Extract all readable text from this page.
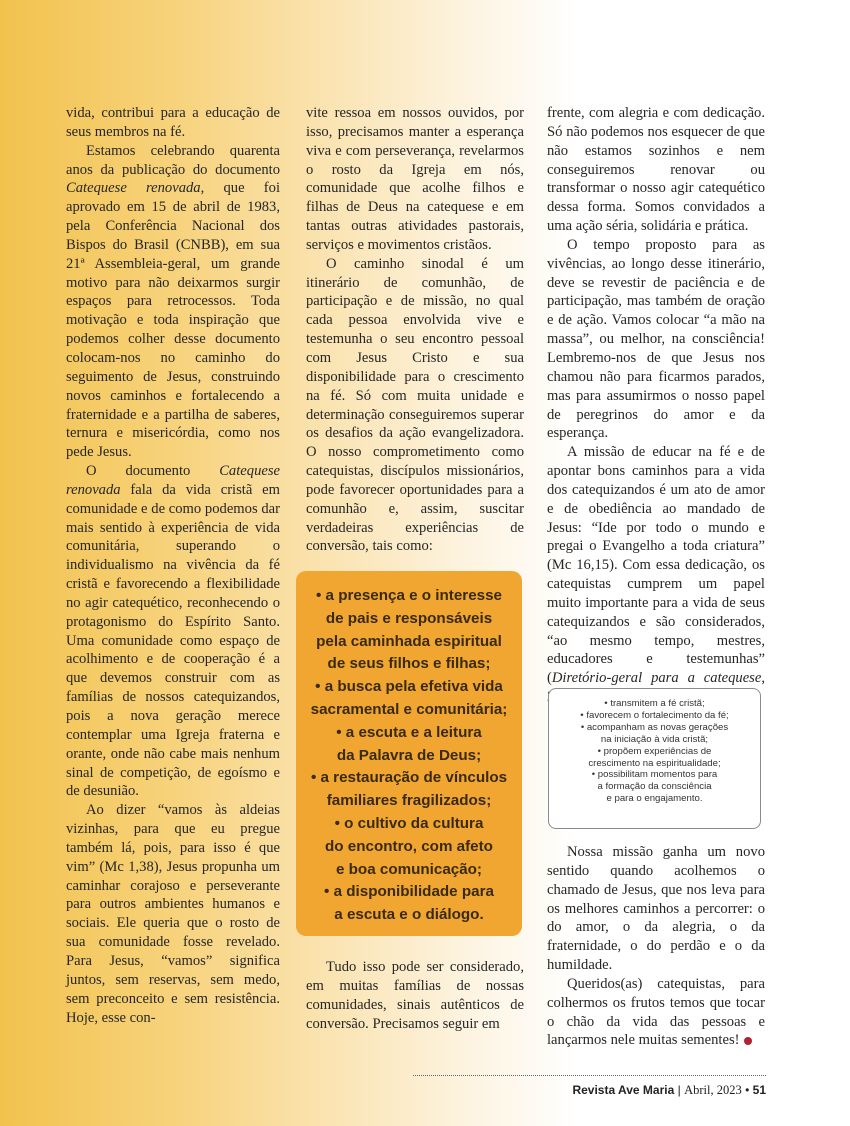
vida, contribui para a educação de seus membros na fé.

Estamos celebrando quarenta anos da publicação do documento Catequese renovada, que foi aprovado em 15 de abril de 1983, pela Conferência Nacional dos Bispos do Brasil (CNBB), em sua 21ª Assembleia-geral, um grande motivo para não deixarmos surgir espaços para retrocessos. Toda motivação e toda inspiração que podemos colher desse documento colocam-nos no caminho do seguimento de Jesus, construindo novos caminhos e fortalecendo a fraternidade e a partilha de saberes, ternura e misericórdia, como nos pede Jesus.

O documento Catequese renovada fala da vida cristã em comunidade e de como podemos dar mais sentido à experiência de vida comunitária, superando o individualismo na vivência da fé cristã e favorecendo a flexibilidade no agir catequético, reconhecendo o protagonismo do Espírito Santo. Uma comunidade como espaço de acolhimento e de cooperação é a que devemos construir com as famílias de nossos catequizandos, pois a nova geração merece contemplar uma Igreja fraterna e orante, onde não cabe mais nenhum sinal de competição, de egoísmo e de desunião.

Ao dizer “vamos às aldeias vizinhas, para que eu pregue também lá, pois, para isso é que vim” (Mc 1,38), Jesus propunha um caminhar corajoso e perseverante para outros ambientes humanos e sociais. Ele queria que o rosto de sua comunidade fosse revelado. Para Jesus, “vamos” significa juntos, sem reservas, sem medo, sem preconceito e sem resistência. Hoje, esse con-

vite ressoa em nossos ouvidos, por isso, precisamos manter a esperança viva e com perseverança, revelarmos o rosto da Igreja em nós, comunidade que acolhe filhos e filhas de Deus na catequese e em tantas outras atividades pastorais, serviços e movimentos cristãos.

O caminho sinodal é um itinerário de comunhão, de participação e de missão, no qual cada pessoa envolvida vive e testemunha o seu encontro pessoal com Jesus Cristo e sua disponibilidade para o crescimento na fé. Só com muita unidade e determinação conseguiremos superar os desafios da ação evangelizadora. O nosso comprometimento como catequistas, discípulos missionários, pode favorecer oportunidades para a comunhão e, assim, suscitar verdadeiras experiências de conversão, tais como:

• a presença e o interesse
de pais e responsáveis
pela caminhada espiritual
de seus filhos e filhas;
• a busca pela efetiva vida
sacramental e comunitária;
• a escuta e a leitura
da Palavra de Deus;
• a restauração de vínculos
familiares fragilizados;
• o cultivo da cultura
do encontro, com afeto
e boa comunicação;
• a disponibilidade para
a escuta e o diálogo.

Tudo isso pode ser considerado, em muitas famílias de nossas comunidades, sinais autênticos de conversão. Precisamos seguir em

frente, com alegria e com dedicação. Só não podemos nos esquecer de que não estamos sozinhos e nem conseguiremos renovar ou transformar o nosso agir catequético dessa forma. Somos convidados a uma ação séria, solidária e prática.

O tempo proposto para as vivências, ao longo desse itinerário, deve se revestir de paciência e de participação, mas também de oração e de ação. Vamos colocar “a mão na massa”, ou melhor, na consciência! Lembremo-nos de que Jesus nos chamou não para ficarmos parados, mas para assumirmos o nosso papel de peregrinos do amor e da esperança.

A missão de educar na fé e de apontar bons caminhos para a vida dos catequizandos é um ato de amor e de obediência ao mandado de Jesus: “Ide por todo o mundo e pregai o Evangelho a toda criatura” (Mc 16,15). Com essa dedicação, os catequistas cumprem um papel muito importante para a vida de seus catequizandos e são considerados, “ao mesmo tempo, mestres, educadores e testemunhas” (Diretório-geral para a catequese,

• transmitem a fé cristã;
• favorecem o fortalecimento da fé;
• acompanham as novas gerações
na iniciação à vida cristã;
• propõem experiências de
crescimento na espiritualidade;
• possibilitam momentos para
a formação da consciência
e para o engajamento.

Nossa missão ganha um novo sentido quando acolhemos o chamado de Jesus, que nos leva para os melhores caminhos a percorrer: o do amor, o da alegria, o da fraternidade, o do perdão e o da humildade.

Queridos(as) catequistas, para colhermos os frutos temos que tocar o chão da vida das pessoas e lançarmos nele muitas sementes!

Revista Ave Maria | Abril, 2023 • 51
